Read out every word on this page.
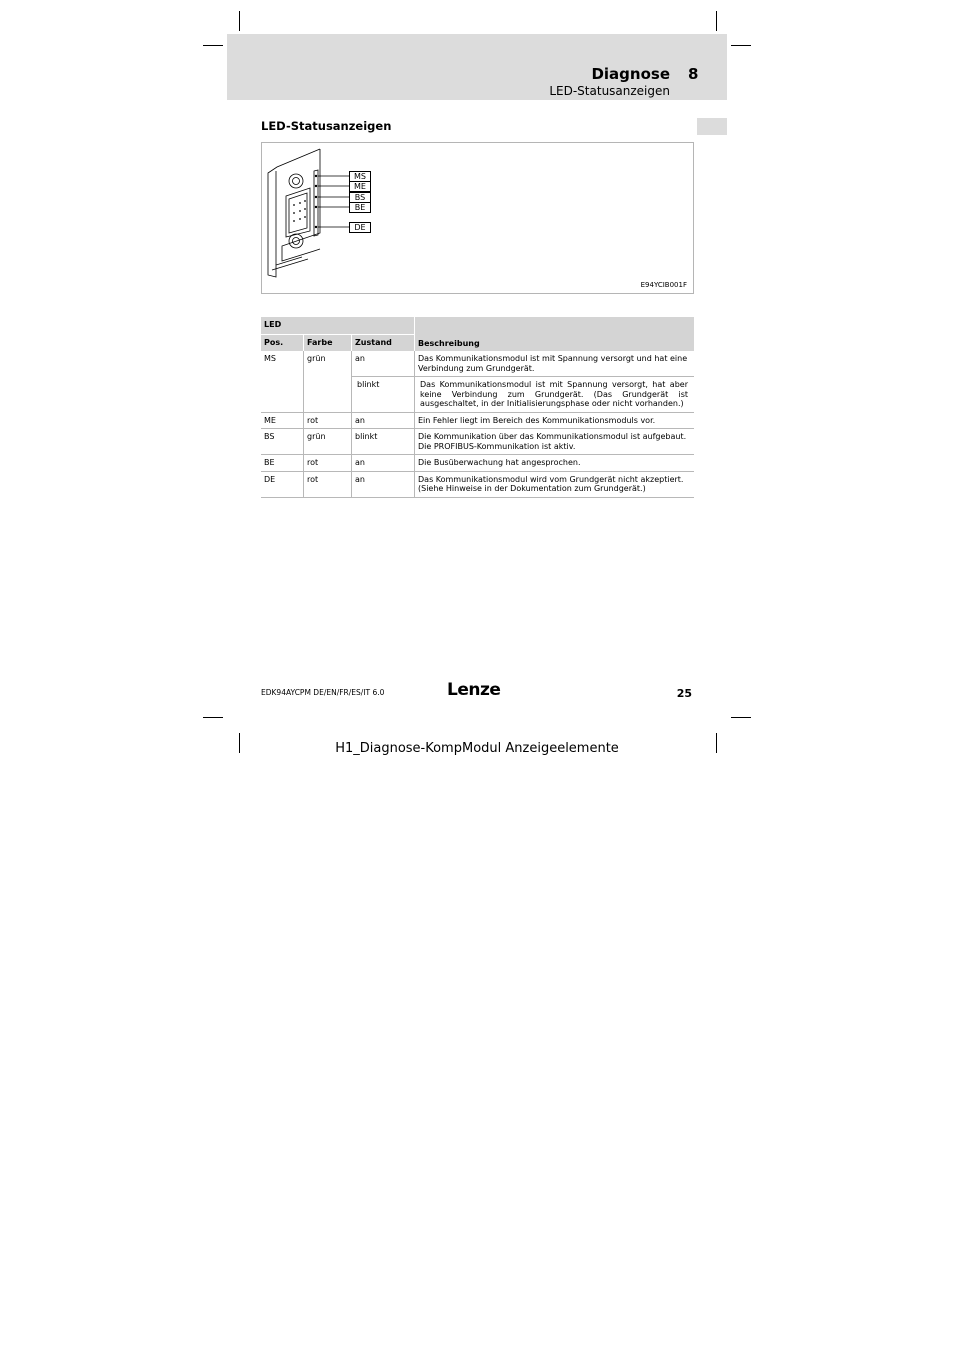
Diagnose 8
LED-Statusanzeigen
LED-Statusanzeigen
MS
ME
BS
BE
DE
E94YCIB001F
LED			Beschreibung
Pos.	Farbe	Zustand	
MS	grün	an	Das Kommunikationsmodul ist mit Spannung versorgt und hat eine Verbindung zum Grundgerät.
		blinkt	Das Kommunikationsmodul ist mit Spannung versorgt, hat aber keine Verbindung zum Grundgerät. (Das Grundgerät ist ausgeschaltet, in der Initialisierungsphase oder nicht vorhanden.)
ME	rot	an	Ein Fehler liegt im Bereich des Kommunikationsmoduls vor.
BS	grün	blinkt	Die Kommunikation über das Kommunikationsmodul ist aufgebaut. Die PROFIBUS-Kommunikation ist aktiv.
BE	rot	an	Die Busüberwachung hat angesprochen.
DE	rot	an	Das Kommunikationsmodul wird vom Grundgerät nicht akzeptiert. (Siehe Hinweise in der Dokumentation zum Grundgerät.)
EDK94AYCPM DE/EN/FR/ES/IT 6.0	Lenze	25
H1_Diagnose-KompModul Anzeigeelemente
